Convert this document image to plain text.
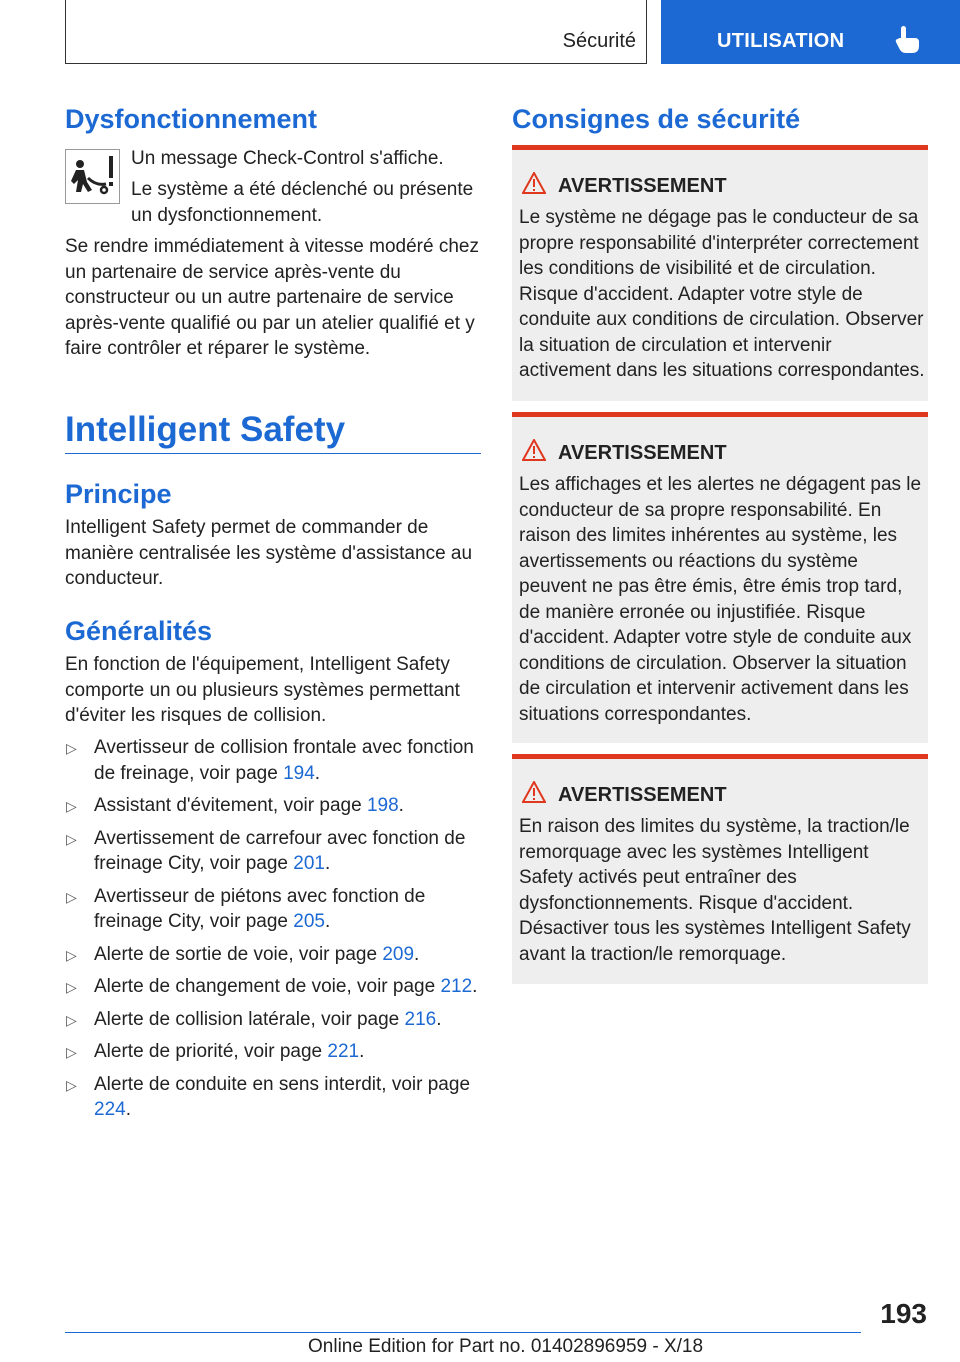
Sécurité	UTILISATION
Dysfonctionnement
Un message Check-Control s'affiche.
Le système a été déclenché ou présente un dysfonctionnement.
Se rendre immédiatement à vitesse modéré chez un partenaire de service après-vente du constructeur ou un autre partenaire de service après-vente qualifié ou par un atelier qualifié et y faire contrôler et réparer le système.
Intelligent Safety
Principe
Intelligent Safety permet de commander de manière centralisée les système d'assistance au conducteur.
Généralités
En fonction de l'équipement, Intelligent Safety comporte un ou plusieurs systèmes permettant d'éviter les risques de collision.
▷ Avertisseur de collision frontale avec fonction de freinage, voir page 194.
▷ Assistant d'évitement, voir page 198.
▷ Avertissement de carrefour avec fonction de freinage City, voir page 201.
▷ Avertisseur de piétons avec fonction de freinage City, voir page 205.
▷ Alerte de sortie de voie, voir page 209.
▷ Alerte de changement de voie, voir page 212.
▷ Alerte de collision latérale, voir page 216.
▷ Alerte de priorité, voir page 221.
▷ Alerte de conduite en sens interdit, voir page 224.
Consignes de sécurité
AVERTISSEMENT
Le système ne dégage pas le conducteur de sa propre responsabilité d'interpréter correctement les conditions de visibilité et de circulation. Risque d'accident. Adapter votre style de conduite aux conditions de circulation. Observer la situation de circulation et intervenir activement dans les situations correspondantes.
AVERTISSEMENT
Les affichages et les alertes ne dégagent pas le conducteur de sa propre responsabilité. En raison des limites inhérentes au système, les avertissements ou réactions du système peuvent ne pas être émis, être émis trop tard, de manière erronée ou injustifiée. Risque d'accident. Adapter votre style de conduite aux conditions de circulation. Observer la situation de circulation et intervenir activement dans les situations correspondantes.
AVERTISSEMENT
En raison des limites du système, la traction/le remorquage avec les systèmes Intelligent Safety activés peut entraîner des dysfonctionnements. Risque d'accident. Désactiver tous les systèmes Intelligent Safety avant la traction/le remorquage.
193
Online Edition for Part no. 01402896959 - X/18
